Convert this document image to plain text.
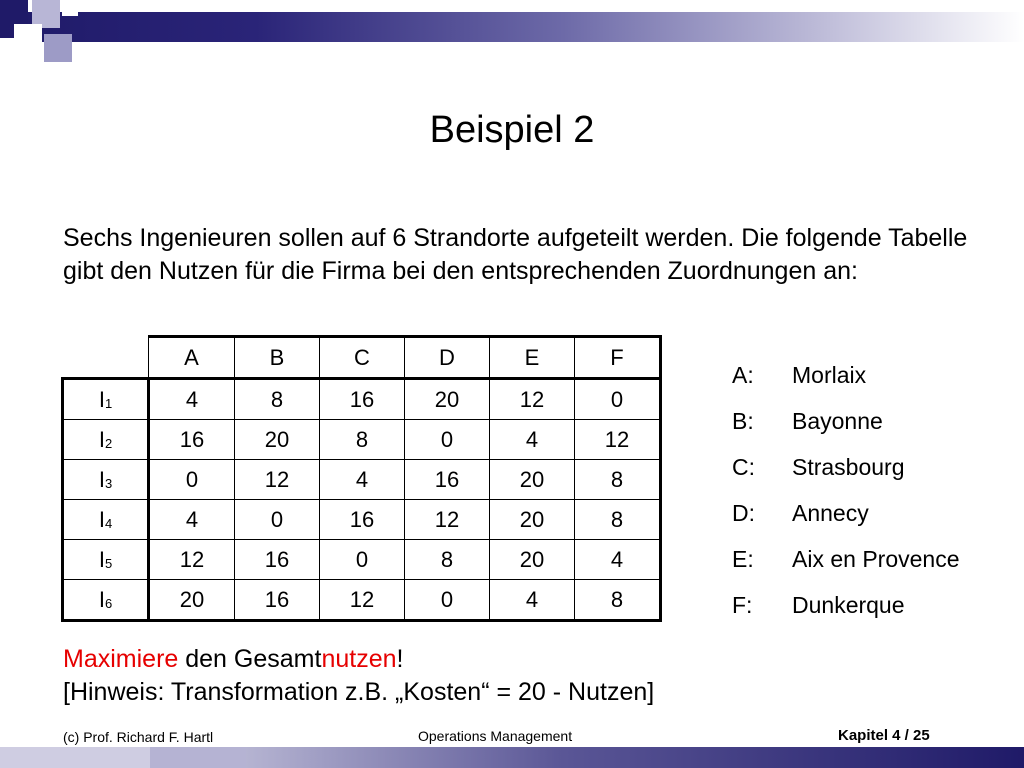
Beispiel 2
Sechs Ingenieuren sollen auf 6 Strandorte aufgeteilt werden. Die folgende Tabelle gibt den Nutzen für die Firma bei den entsprechenden Zuordnungen an:
	A	B	C	D	E	F
I1	4	8	16	20	12	0
I2	16	20	8	0	4	12
I3	0	12	4	16	20	8
I4	4	0	16	12	20	8
I5	12	16	0	8	20	4
I6	20	16	12	0	4	8
A:	Morlaix
B:	Bayonne
C:	Strasbourg
D:	Annecy
E:	Aix en Provence
F:	Dunkerque
Maximiere den Gesamtnutzen!
[Hinweis: Transformation z.B. „Kosten“ = 20 - Nutzen]
(c) Prof. Richard F. Hartl	Operations Management	Kapitel 4 / 25
